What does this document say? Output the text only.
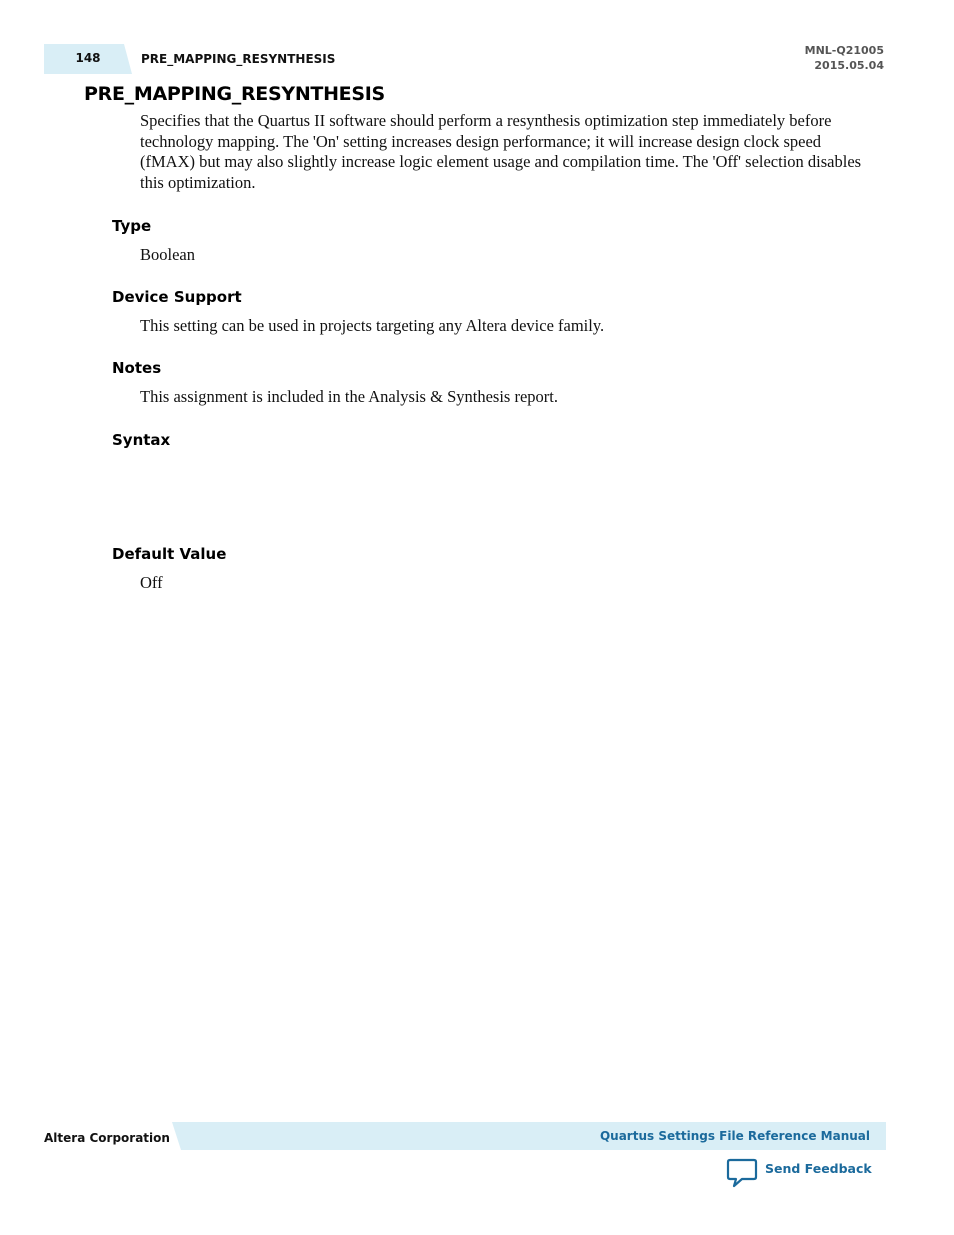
148	PRE_MAPPING_RESYNTHESIS
MNL-Q21005
2015.05.04
PRE_MAPPING_RESYNTHESIS
Specifies that the Quartus II software should perform a resynthesis optimization step immediately before technology mapping. The 'On' setting increases design performance; it will increase design clock speed (fMAX) but may also slightly increase logic element usage and compilation time. The 'Off' selection disables this optimization.
Type
Boolean
Device Support
This setting can be used in projects targeting any Altera device family.
Notes
This assignment is included in the Analysis & Synthesis report.
Syntax
Default Value
Off
Altera Corporation	Quartus Settings File Reference Manual
Send Feedback
